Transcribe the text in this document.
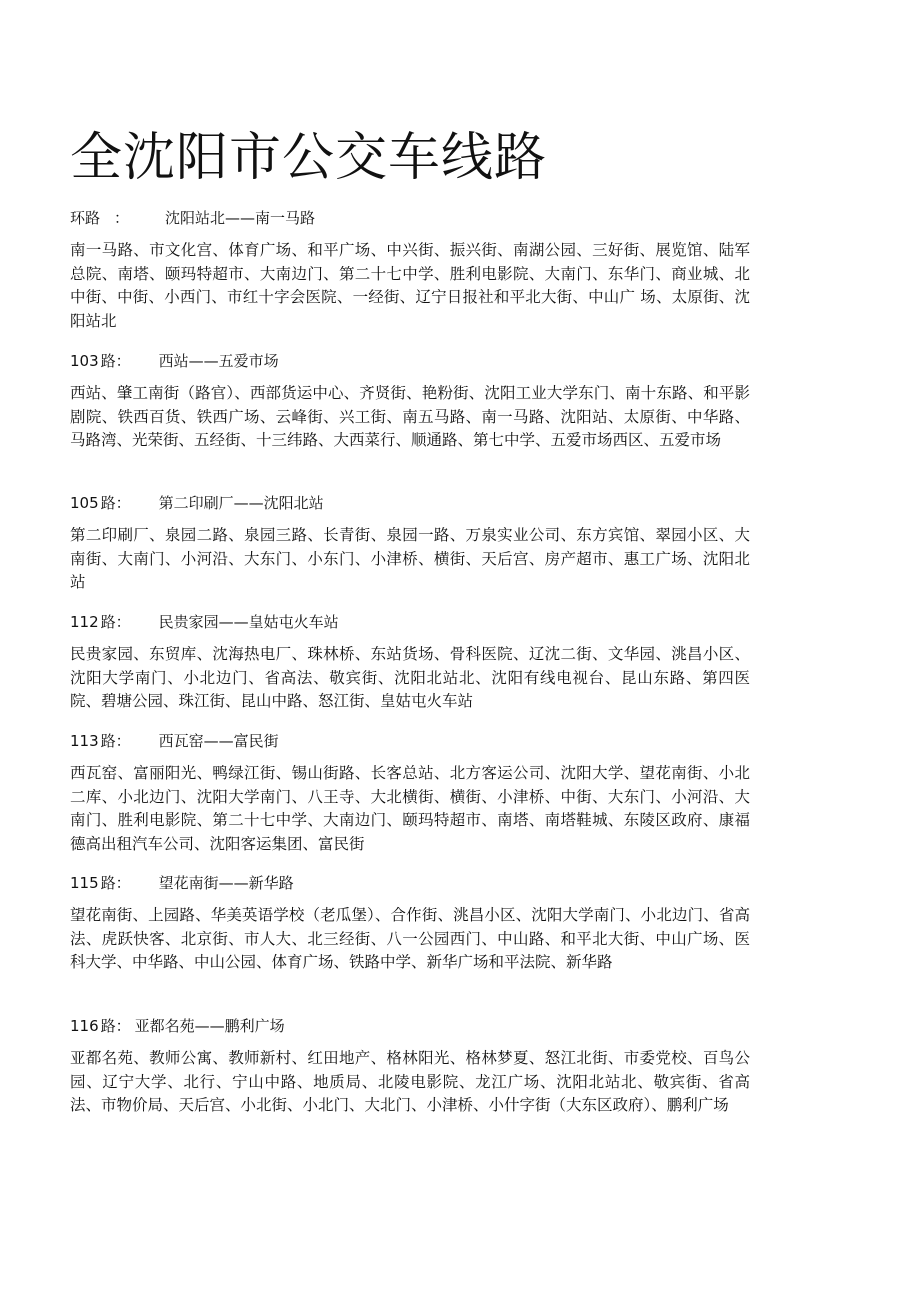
全沈阳市公交车线路

环路 ： 沈阳站北——南一马路

南一马路、市文化宫、体育广场、和平广场、中兴街、振兴街、南湖公园、三好街、展览馆、陆军总院、南塔、颐玛特超市、大南边门、第二十七中学、胜利电影院、大南门、东华门、商业城、北中街、中街、小西门、市红十字会医院、一经街、辽宁日报社和平北大街、中山广 场、太原街、沈阳站北

103 路： 西站——五爱市场

西站、肇工南街（路官）、西部货运中心、齐贤街、艳粉街、沈阳工业大学东门、南十东路、和平影剧院、铁西百货、铁西广场、云峰街、兴工街、南五马路、南一马路、沈阳站、太原街、中华路、马路湾、光荣街、五经街、十三纬路、大西菜行、顺通路、第七中学、五爱市场西区、五爱市场

105 路： 第二印刷厂——沈阳北站

第二印刷厂、泉园二路、泉园三路、长青街、泉园一路、万泉实业公司、东方宾馆、翠园小区、大南街、大南门、小河沿、大东门、小东门、小津桥、横街、天后宫、房产超市、惠工广场、沈阳北站

112 路： 民贵家园——皇姑屯火车站

民贵家园、东贸库、沈海热电厂、珠林桥、东站货场、骨科医院、辽沈二街、文华园、洮昌小区、沈阳大学南门、小北边门、省高法、敬宾街、沈阳北站北、沈阳有线电视台、昆山东路、第四医院、碧塘公园、珠江街、昆山中路、怒江街、皇姑屯火车站

113 路： 西瓦窑——富民街

西瓦窑、富丽阳光、鸭绿江街、锡山街路、长客总站、北方客运公司、沈阳大学、望花南街、小北二库、小北边门、沈阳大学南门、八王寺、大北横街、横街、小津桥、中街、大东门、小河沿、大南门、胜利电影院、第二十七中学、大南边门、颐玛特超市、南塔、南塔鞋城、东陵区政府、康福德高出租汽车公司、沈阳客运集团、富民街

115 路： 望花南街——新华路

望花南街、上园路、华美英语学校（老瓜堡）、合作街、洮昌小区、沈阳大学南门、小北边门、省高法、虎跃快客、北京街、市人大、北三经街、八一公园西门、中山路、和平北大街、中山广场、医科大学、中华路、中山公园、体育广场、铁路中学、新华广场和平法院、新华路

116 路： 亚都名苑——鹏利广场

亚都名苑、教师公寓、教师新村、红田地产、格林阳光、格林梦夏、怒江北街、市委党校、百鸟公园、辽宁大学、北行、宁山中路、地质局、北陵电影院、龙江广场、沈阳北站北、敬宾街、省高法、市物价局、天后宫、小北街、小北门、大北门、小津桥、小什字街（大东区政府）、鹏利广场
